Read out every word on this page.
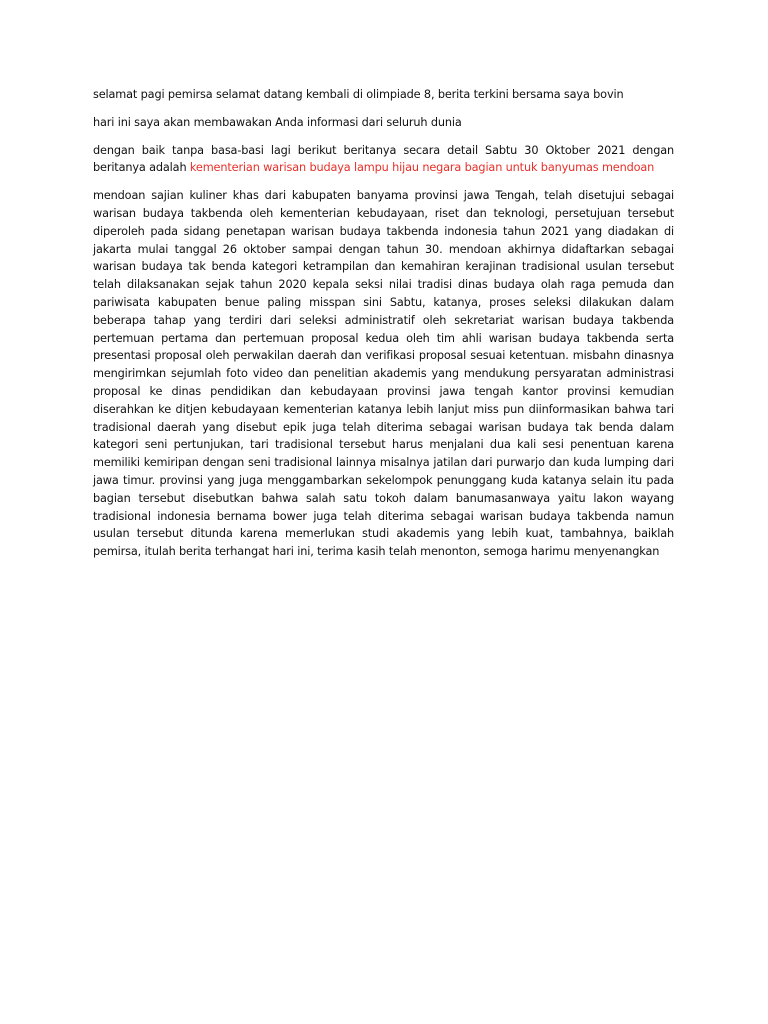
selamat pagi pemirsa selamat datang kembali di olimpiade 8, berita terkini bersama saya bovin

hari ini saya akan membawakan Anda informasi dari seluruh dunia

dengan baik tanpa basa-basi lagi berikut beritanya secara detail Sabtu 30 Oktober 2021 dengan beritanya adalah kementerian warisan budaya lampu hijau negara bagian untuk banyumas mendoan

mendoan sajian kuliner khas dari kabupaten banyama provinsi jawa Tengah, telah disetujui sebagai warisan budaya takbenda oleh kementerian kebudayaan, riset dan teknologi, persetujuan tersebut diperoleh pada sidang penetapan warisan budaya takbenda indonesia tahun 2021 yang diadakan di jakarta mulai tanggal 26 oktober sampai dengan tahun 30. mendoan akhirnya didaftarkan sebagai warisan budaya tak benda kategori ketrampilan dan kemahiran kerajinan tradisional usulan tersebut telah dilaksanakan sejak tahun 2020 kepala seksi nilai tradisi dinas budaya olah raga pemuda dan pariwisata kabupaten benue paling misspan sini Sabtu, katanya, proses seleksi dilakukan dalam beberapa tahap yang terdiri dari seleksi administratif oleh sekretariat warisan budaya takbenda pertemuan pertama dan pertemuan proposal kedua oleh tim ahli warisan budaya takbenda serta presentasi proposal oleh perwakilan daerah dan verifikasi proposal sesuai ketentuan. misbahn dinasnya mengirimkan sejumlah foto video dan penelitian akademis yang mendukung persyaratan administrasi proposal ke dinas pendidikan dan kebudayaan provinsi jawa tengah kantor provinsi kemudian diserahkan ke ditjen kebudayaan kementerian katanya lebih lanjut miss pun diinformasikan bahwa tari tradisional daerah yang disebut epik juga telah diterima sebagai warisan budaya tak benda dalam kategori seni pertunjukan, tari tradisional tersebut harus menjalani dua kali sesi penentuan karena memiliki kemiripan dengan seni tradisional lainnya misalnya jatilan dari purwarjo dan kuda lumping dari jawa timur. provinsi yang juga menggambarkan sekelompok penunggang kuda katanya selain itu pada bagian tersebut disebutkan bahwa salah satu tokoh dalam banumasanwaya yaitu lakon wayang tradisional indonesia bernama bower juga telah diterima sebagai warisan budaya takbenda namun usulan tersebut ditunda karena memerlukan studi akademis yang lebih kuat, tambahnya, baiklah pemirsa, itulah berita terhangat hari ini, terima kasih telah menonton, semoga harimu menyenangkan
